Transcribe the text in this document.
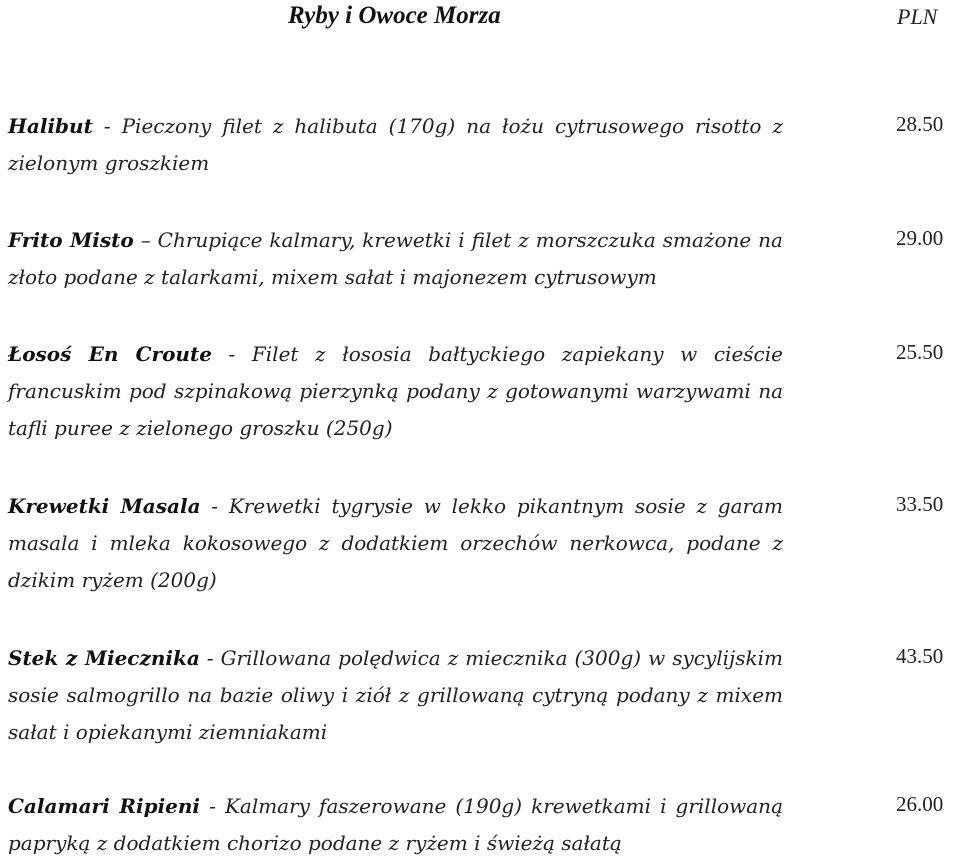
Ryby i Owoce Morza	PLN
Halibut - Pieczony filet z halibuta (170g) na łożu cytrusowego risotto z zielonym groszkiem
28.50
Frito Misto – Chrupiące kalmary, krewetki i filet z morszczuka smażone na złoto podane z talarkami, mixem sałat i majonezem cytrusowym
29.00
Łosoś En Croute - Filet z łososia bałtyckiego zapiekany w cieście francuskim pod szpinakową pierzynką podany z gotowanymi warzywami na tafli puree z zielonego groszku (250g)
25.50
Krewetki Masala - Krewetki tygrysie w lekko pikantnym sosie z garam masala i mleka kokosowego z dodatkiem orzechów nerkowca, podane z dzikim ryżem (200g)
33.50
Stek z Miecznika - Grillowana polędwica z miecznika (300g) w sycylijskim sosie salmogrillo na bazie oliwy i ziół z grillowaną cytryną podany z mixem sałat i opiekanymi ziemniakami
43.50
Calamari Ripieni - Kalmary faszerowane (190g) krewetkami i grillowaną papryką z dodatkiem chorizo podane z ryżem i świeżą sałatą
26.00
